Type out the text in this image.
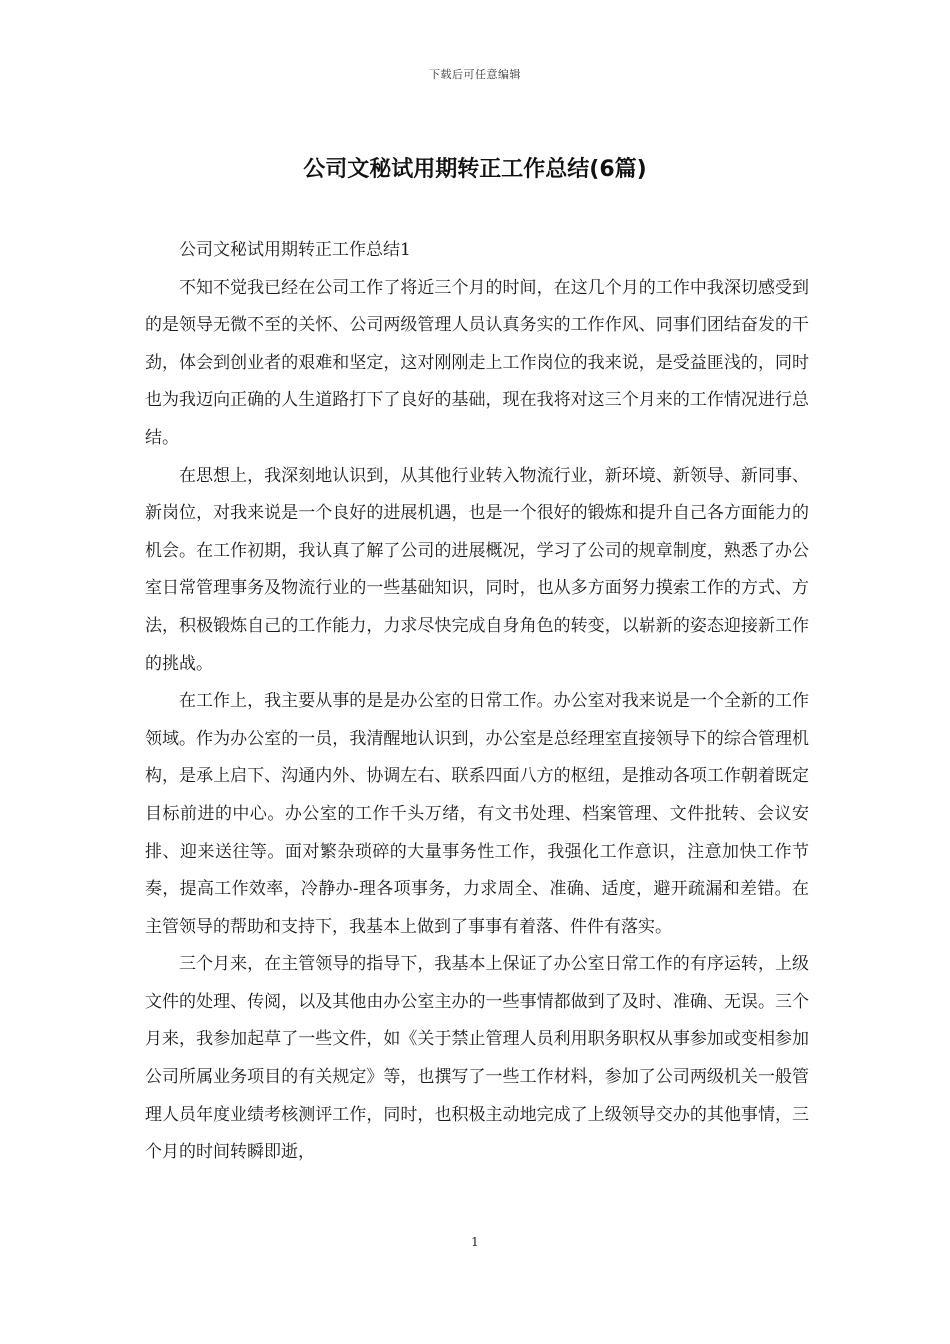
下载后可任意编辑
公司文秘试用期转正工作总结(6篇)

公司文秘试用期转正工作总结1

不知不觉我已经在公司工作了将近三个月的时间，在这几个月的工作中我深切感受到的是领导无微不至的关怀、公司两级管理人员认真务实的工作作风、同事们团结奋发的干劲，体会到创业者的艰难和坚定，这对刚刚走上工作岗位的我来说，是受益匪浅的，同时也为我迈向正确的人生道路打下了良好的基础，现在我将对这三个月来的工作情况进行总结。

在思想上，我深刻地认识到，从其他行业转入物流行业，新环境、新领导、新同事、新岗位，对我来说是一个良好的进展机遇，也是一个很好的锻炼和提升自己各方面能力的机会。在工作初期，我认真了解了公司的进展概况，学习了公司的规章制度，熟悉了办公室日常管理事务及物流行业的一些基础知识，同时，也从多方面努力摸索工作的方式、方法，积极锻炼自己的工作能力，力求尽快完成自身角色的转变，以崭新的姿态迎接新工作的挑战。

在工作上，我主要从事的是是办公室的日常工作。办公室对我来说是一个全新的工作领域。作为办公室的一员，我清醒地认识到，办公室是总经理室直接领导下的综合管理机构，是承上启下、沟通内外、协调左右、联系四面八方的枢纽，是推动各项工作朝着既定目标前进的中心。办公室的工作千头万绪，有文书处理、档案管理、文件批转、会议安排、迎来送往等。面对繁杂琐碎的大量事务性工作，我强化工作意识，注意加快工作节奏，提高工作效率，冷静办-理各项事务，力求周全、准确、适度，避开疏漏和差错。在主管领导的帮助和支持下，我基本上做到了事事有着落、件件有落实。

三个月来，在主管领导的指导下，我基本上保证了办公室日常工作的有序运转，上级文件的处理、传阅，以及其他由办公室主办的一些事情都做到了及时、准确、无误。三个月来，我参加起草了一些文件，如《关于禁止管理人员利用职务职权从事参加或变相参加公司所属业务项目的有关规定》等，也撰写了一些工作材料，参加了公司两级机关一般管理人员年度业绩考核测评工作，同时，也积极主动地完成了上级领导交办的其他事情，三个月的时间转瞬即逝，

1
